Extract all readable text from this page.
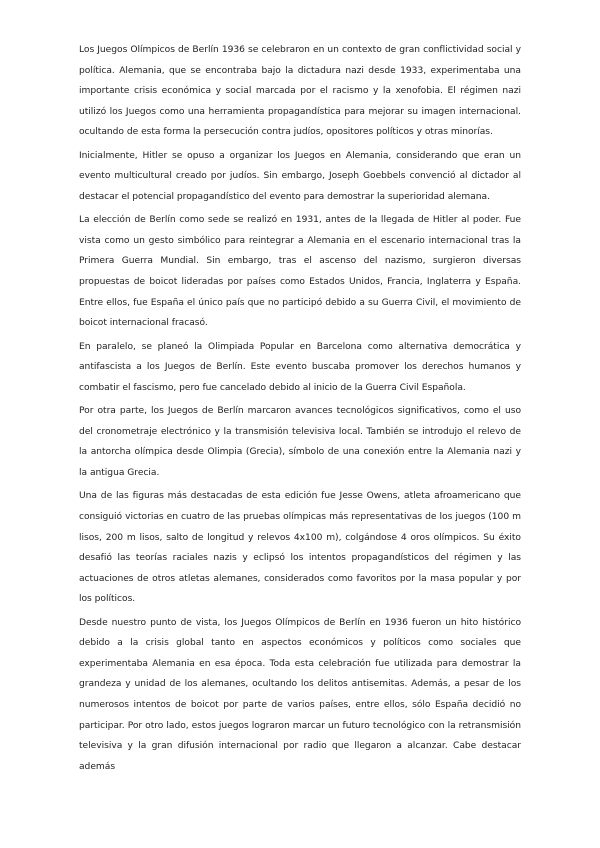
Los Juegos Olímpicos de Berlín 1936 se celebraron en un contexto de gran conflictividad social y política. Alemania, que se encontraba bajo la dictadura nazi desde 1933, experimentaba una importante crisis económica y social marcada por el racismo y la xenofobia. El régimen nazi utilizó los Juegos como una herramienta propagandística para mejorar su imagen internacional. ocultando de esta forma la persecución contra judíos, opositores políticos y otras minorías.

Inicialmente, Hitler se opuso a organizar los Juegos en Alemania, considerando que eran un evento multicultural creado por judíos. Sin embargo, Joseph Goebbels convenció al dictador al destacar el potencial propagandístico del evento para demostrar la superioridad alemana.

La elección de Berlín como sede se realizó en 1931, antes de la llegada de Hitler al poder. Fue vista como un gesto simbólico para reintegrar a Alemania en el escenario internacional tras la Primera Guerra Mundial. Sin embargo, tras el ascenso del nazismo, surgieron diversas propuestas de boicot lideradas por países como Estados Unidos, Francia, Inglaterra y España. Entre ellos, fue España el único país que no participó debido a su Guerra Civil, el movimiento de boicot internacional fracasó.

En paralelo, se planeó la Olimpiada Popular en Barcelona como alternativa democrática y antifascista a los Juegos de Berlín. Este evento buscaba promover los derechos humanos y combatir el fascismo, pero fue cancelado debido al inicio de la Guerra Civil Española.

Por otra parte, los Juegos de Berlín marcaron avances tecnológicos significativos, como el uso del cronometraje electrónico y la transmisión televisiva local. También se introdujo el relevo de la antorcha olímpica desde Olimpia (Grecia), símbolo de una conexión entre la Alemania nazi y la antigua Grecia.

Una de las figuras más destacadas de esta edición fue Jesse Owens, atleta afroamericano que consiguió victorias en cuatro de las pruebas olímpicas más representativas de los juegos (100 m lisos, 200 m lisos, salto de longitud y relevos 4x100 m), colgándose 4 oros olímpicos. Su éxito desafió las teorías raciales nazis y eclipsó los intentos propagandísticos del régimen y las actuaciones de otros atletas alemanes, considerados como favoritos por la masa popular y por los políticos.

Desde nuestro punto de vista, los Juegos Olímpicos de Berlín en 1936 fueron un hito histórico debido a la crisis global tanto en aspectos económicos y políticos como sociales que experimentaba Alemania en esa época. Toda esta celebración fue utilizada para demostrar la grandeza y unidad de los alemanes, ocultando los delitos antisemitas. Además, a pesar de los numerosos intentos de boicot por parte de varios países, entre ellos, sólo España decidió no participar. Por otro lado, estos juegos lograron marcar un futuro tecnológico con la retransmisión televisiva y la gran difusión internacional por radio que llegaron a alcanzar. Cabe destacar además
